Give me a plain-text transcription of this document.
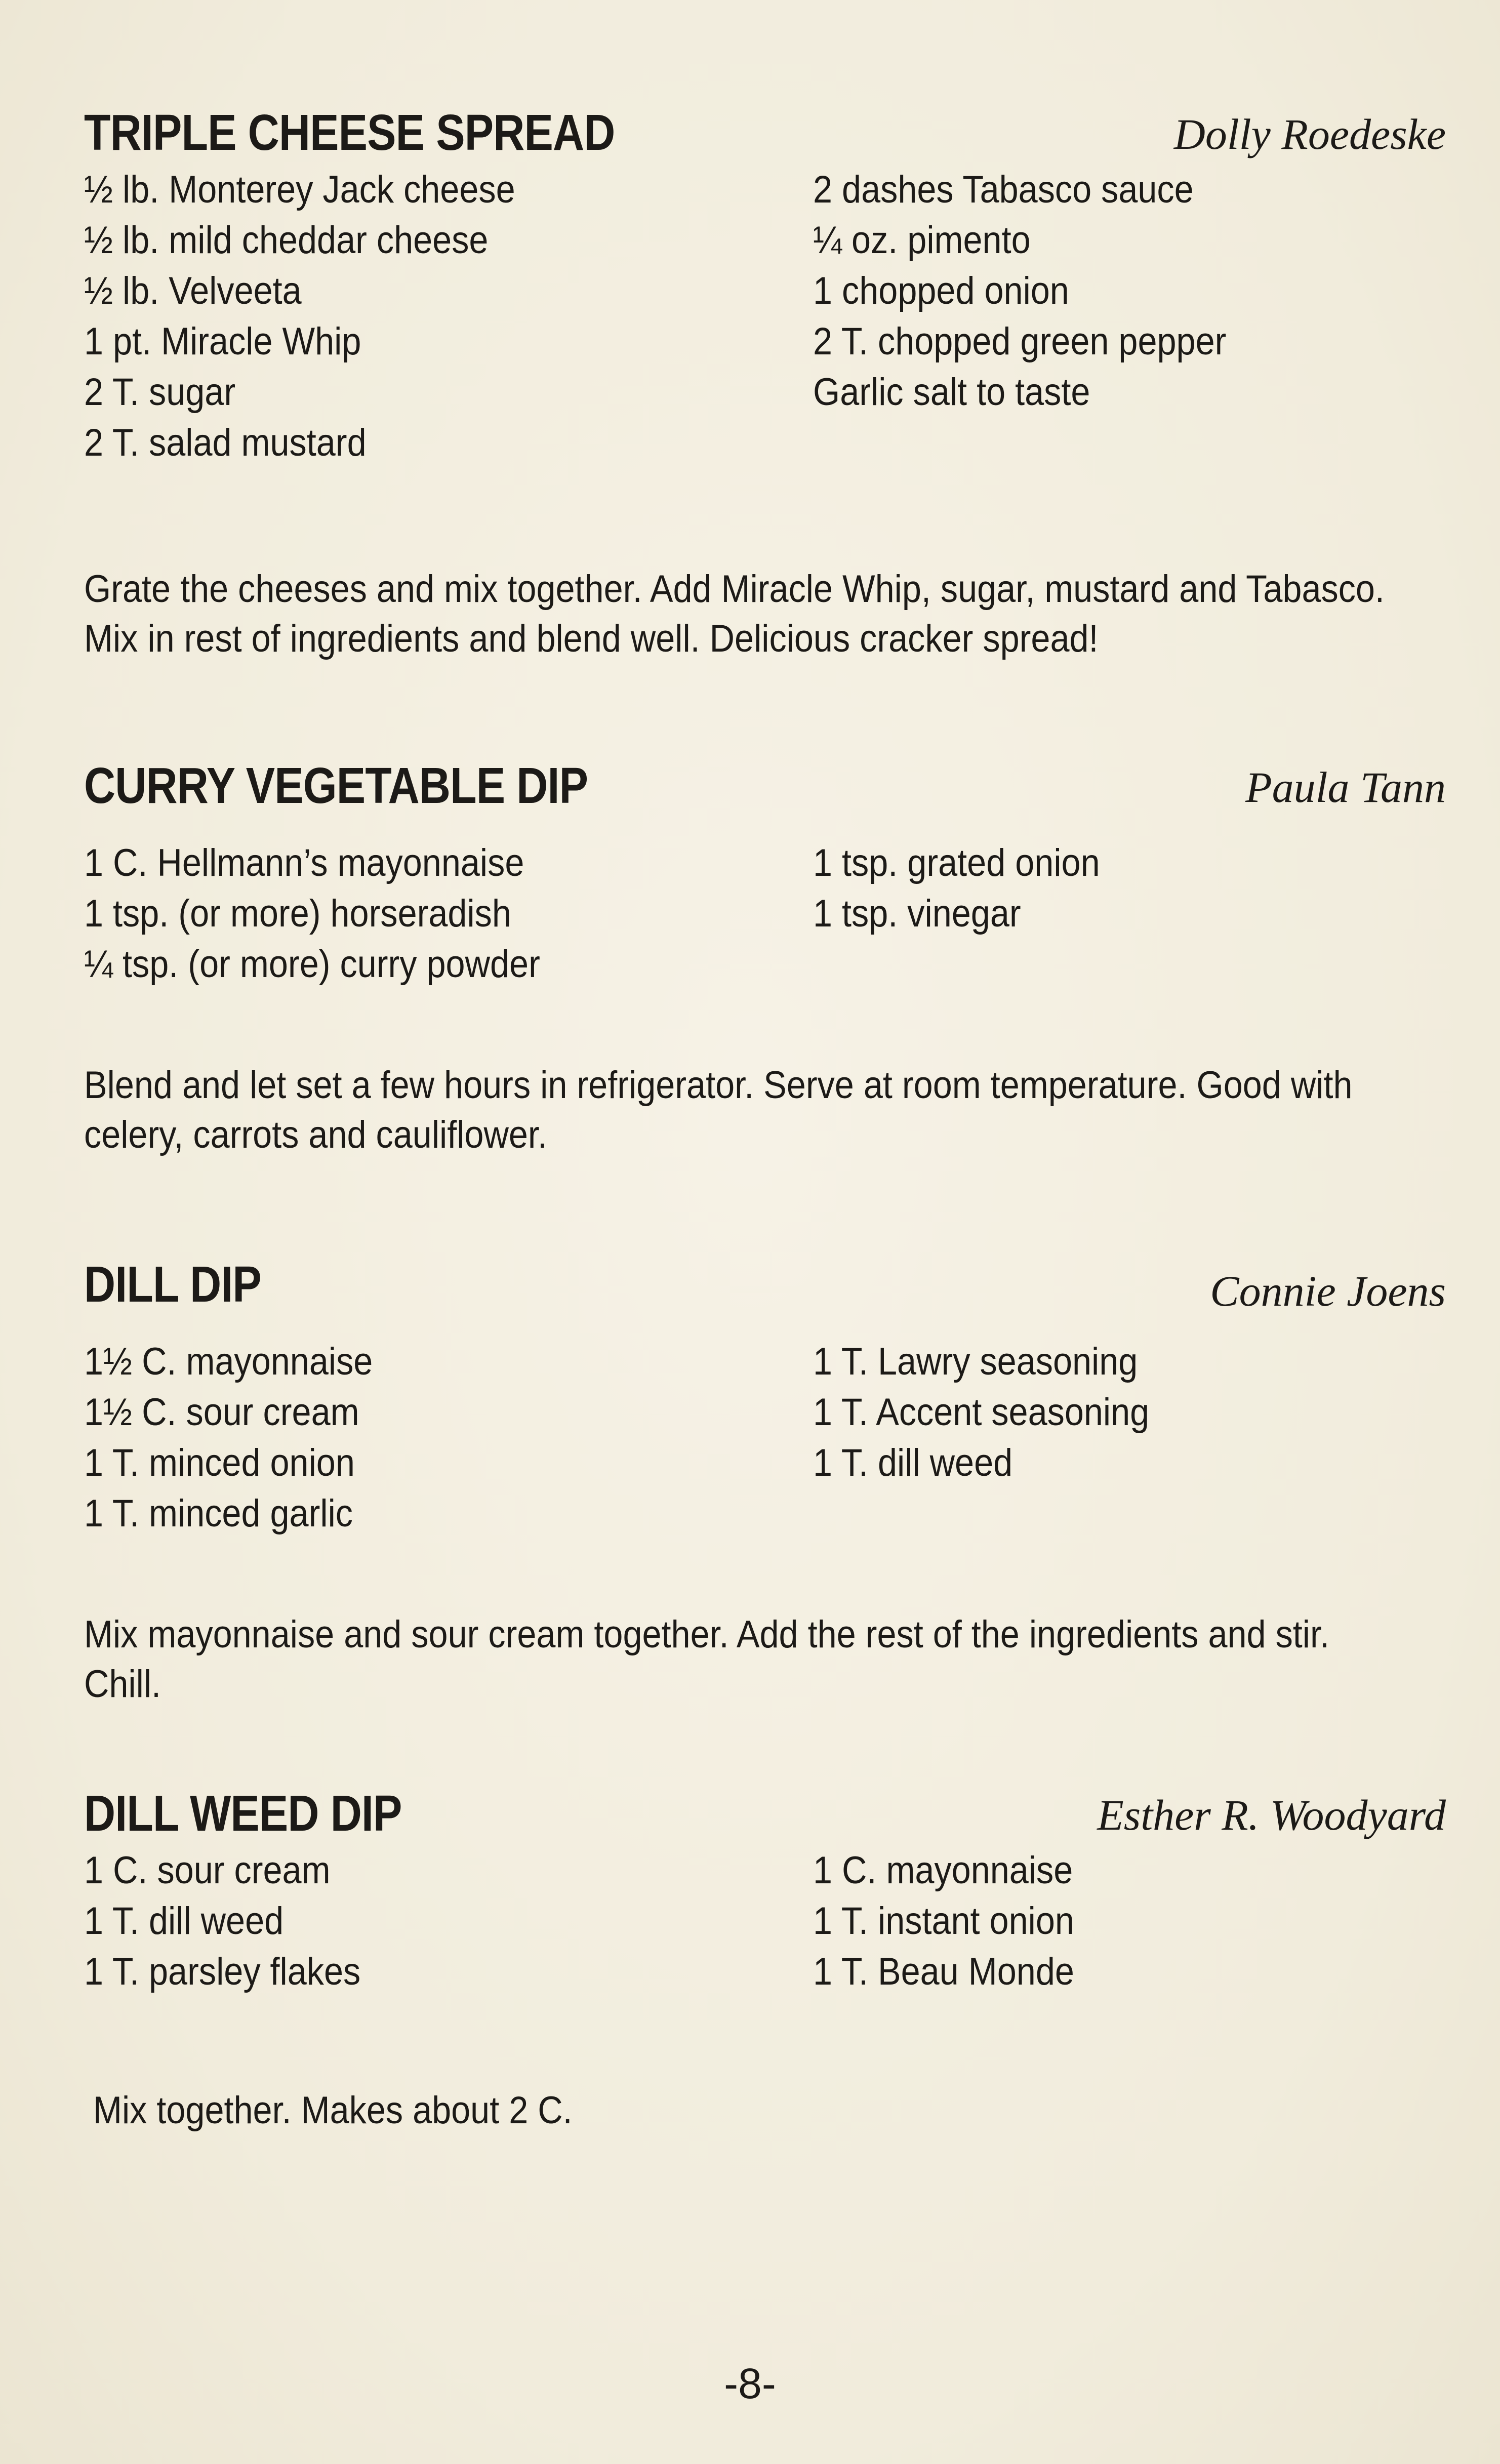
TRIPLE CHEESE SPREAD	Dolly Roedeske
½ lb. Monterey Jack cheese
½ lb. mild cheddar cheese
½ lb. Velveeta
1 pt. Miracle Whip
2 T. sugar
2 T. salad mustard
2 dashes Tabasco sauce
¼ oz. pimento
1 chopped onion
2 T. chopped green pepper
Garlic salt to taste
Grate the cheeses and mix together. Add Miracle Whip, sugar, mustard and Tabasco.
Mix in rest of ingredients and blend well. Delicious cracker spread!
CURRY VEGETABLE DIP	Paula Tann
1 C. Hellmann’s mayonnaise
1 tsp. (or more) horseradish
¼ tsp. (or more) curry powder
1 tsp. grated onion
1 tsp. vinegar
Blend and let set a few hours in refrigerator. Serve at room temperature. Good with
celery, carrots and cauliflower.
DILL DIP	Connie Joens
1½ C. mayonnaise
1½ C. sour cream
1 T. minced onion
1 T. minced garlic
1 T. Lawry seasoning
1 T. Accent seasoning
1 T. dill weed
Mix mayonnaise and sour cream together. Add the rest of the ingredients and stir.
Chill.
DILL WEED DIP	Esther R. Woodyard
1 C. sour cream
1 T. dill weed
1 T. parsley flakes
1 C. mayonnaise
1 T. instant onion
1 T. Beau Monde
Mix together. Makes about 2 C.
-8-
